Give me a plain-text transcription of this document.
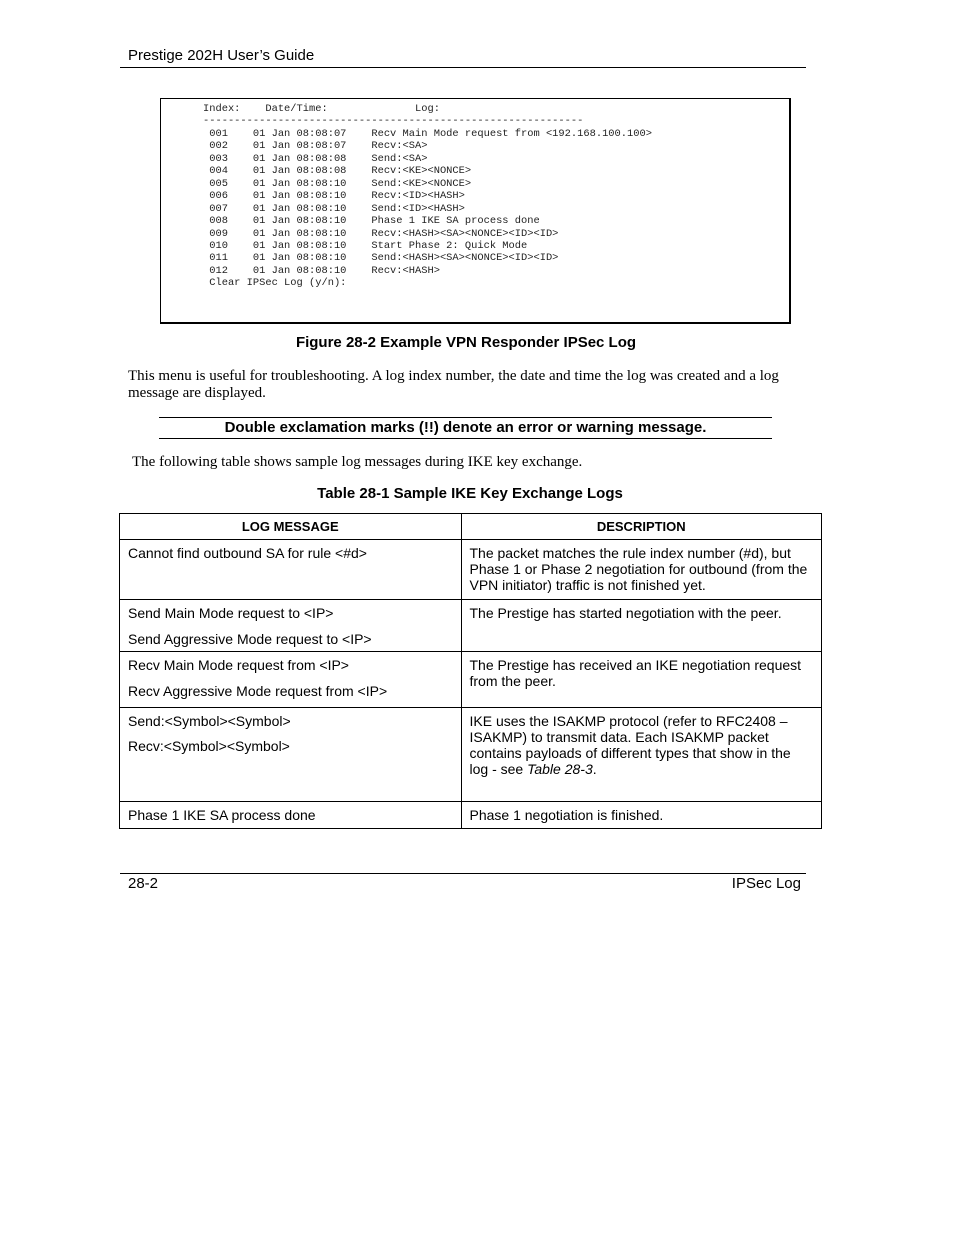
Prestige 202H User’s Guide
Index:    Date/Time:              Log:
-------------------------------------------------------------
001    01 Jan 08:08:07    Recv Main Mode request from <192.168.100.100>
002    01 Jan 08:08:07    Recv:<SA>
003    01 Jan 08:08:08    Send:<SA>
004    01 Jan 08:08:08    Recv:<KE><NONCE>
005    01 Jan 08:08:10    Send:<KE><NONCE>
006    01 Jan 08:08:10    Recv:<ID><HASH>
007    01 Jan 08:08:10    Send:<ID><HASH>
008    01 Jan 08:08:10    Phase 1 IKE SA process done
009    01 Jan 08:08:10    Recv:<HASH><SA><NONCE><ID><ID>
010    01 Jan 08:08:10    Start Phase 2: Quick Mode
011    01 Jan 08:08:10    Send:<HASH><SA><NONCE><ID><ID>
012    01 Jan 08:08:10    Recv:<HASH>
Clear IPSec Log (y/n):
Figure 28-2 Example VPN Responder IPSec Log
This menu is useful for troubleshooting. A log index number, the date and time the log was created and a log message are displayed.
Double exclamation marks (!!) denote an error or warning message.
The following table shows sample log messages during IKE key exchange.
Table 28-1 Sample IKE Key Exchange Logs
LOG MESSAGE	DESCRIPTION

Cannot find outbound SA for rule <#d>	The packet matches the rule index number (#d), but Phase 1 or Phase 2 negotiation for outbound (from the VPN initiator) traffic is not finished yet.

Send Main Mode request to <IP>
Send Aggressive Mode request to <IP>	The Prestige has started negotiation with the peer.

Recv Main Mode request from <IP>
Recv Aggressive Mode request from <IP>	The Prestige has received an IKE negotiation request from the peer.

Send:<Symbol><Symbol>
Recv:<Symbol><Symbol>	IKE uses the ISAKMP protocol (refer to RFC2408 – ISAKMP) to transmit data. Each ISAKMP packet contains payloads of different types that show in the log - see Table 28-3.

Phase 1 IKE SA process done	Phase 1 negotiation is finished.
28-2	IPSec Log
